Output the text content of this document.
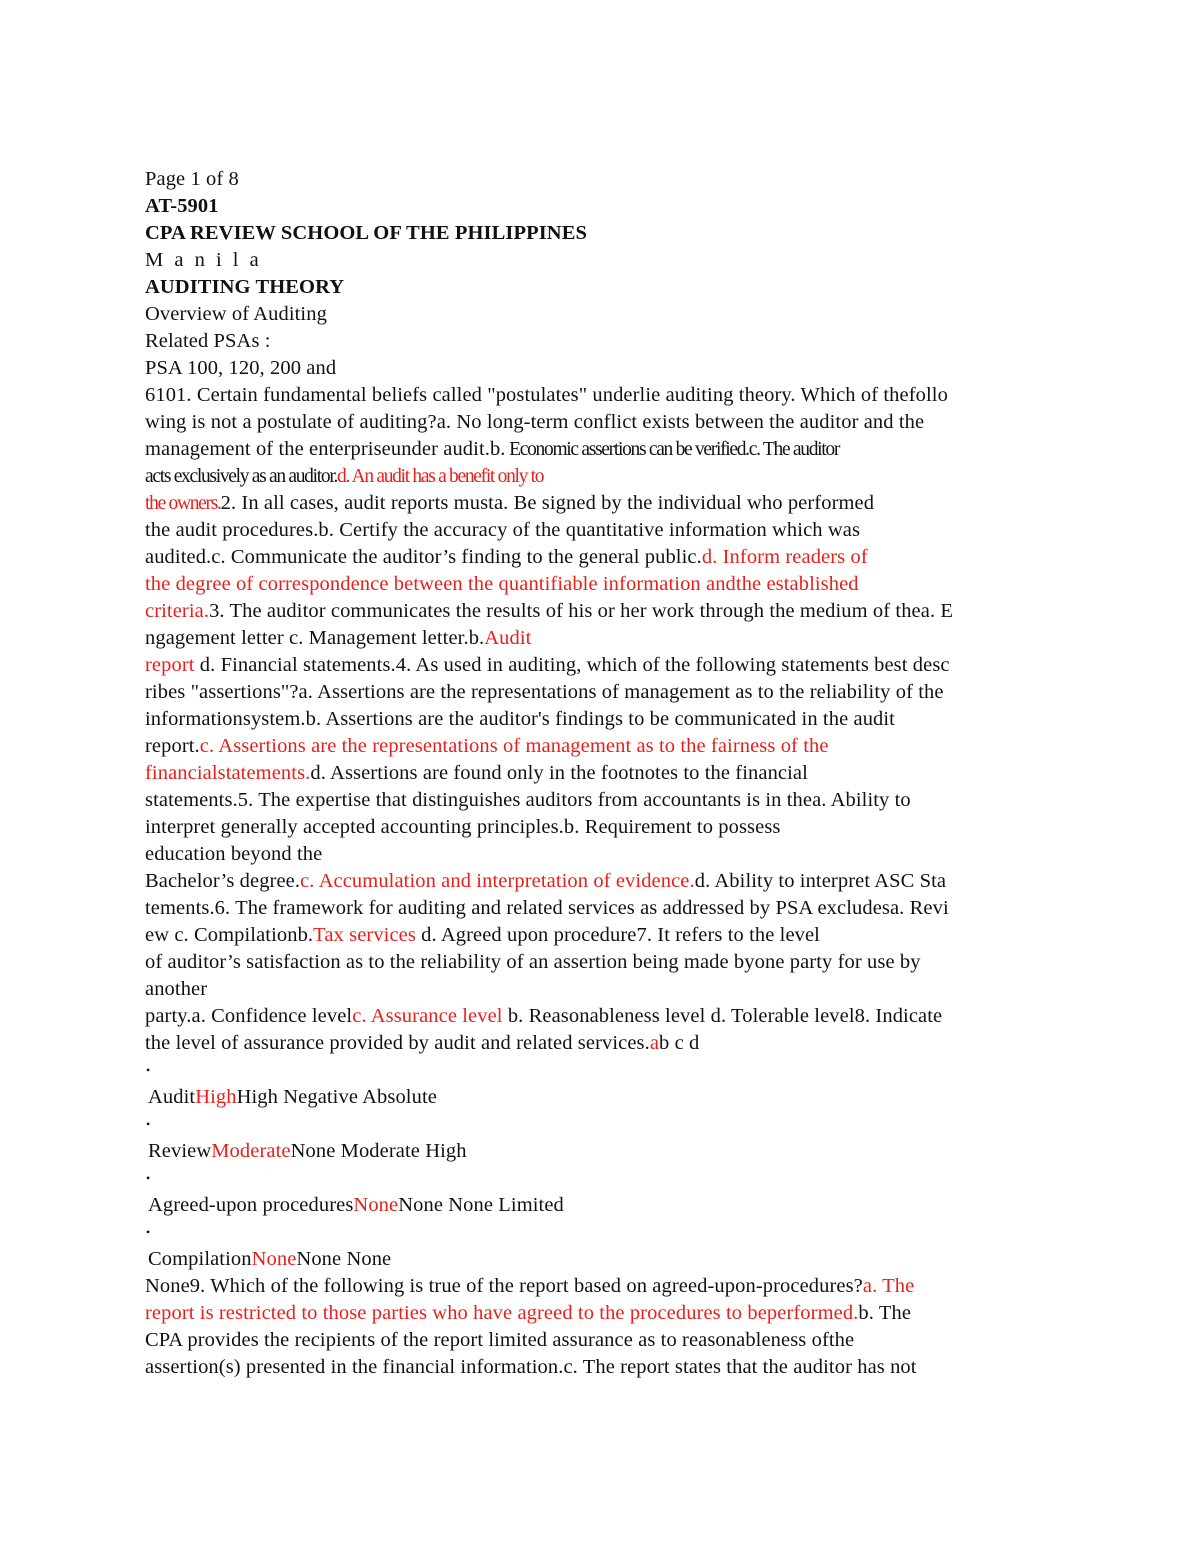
Page 1 of 8
AT-5901
CPA REVIEW SCHOOL OF THE PHILIPPINES
M a n i l a
AUDITING THEORY
Overview of Auditing
Related PSAs :
PSA 100, 120, 200 and
6101. Certain fundamental beliefs called "postulates" underlie auditing theory. Which of thefollo
wing is not a postulate of auditing?a. No long-term conflict exists between the auditor and the
management of the enterpriseunder audit.b. Economic assertions can be verified.c. The auditor
acts exclusively as an auditor.d. An audit has a benefit only to
the owners.2. In all cases, audit reports musta. Be signed by the individual who performed
the audit procedures.b. Certify the accuracy of the quantitative information which was
audited.c. Communicate the auditor’s finding to the general public.d. Inform readers of
the degree of correspondence between the quantifiable information andthe established
criteria.3. The auditor communicates the results of his or her work through the medium of thea. E
ngagement letter c. Management letter.b.Audit
report d. Financial statements.4. As used in auditing, which of the following statements best desc
ribes "assertions"?a. Assertions are the representations of management as to the reliability of the
informationsystem.b. Assertions are the auditor's findings to be communicated in the audit
report.c. Assertions are the representations of management as to the fairness of the
financialstatements.d. Assertions are found only in the footnotes to the financial
statements.5. The expertise that distinguishes auditors from accountants is in thea. Ability to
interpret generally accepted accounting principles.b. Requirement to possess
education beyond the
Bachelor’s degree.c. Accumulation and interpretation of evidence.d. Ability to interpret ASC Sta
tements.6. The framework for auditing and related services as addressed by PSA excludesa. Revi
ew c. Compilationb.Tax services d. Agreed upon procedure7. It refers to the level
of auditor’s satisfaction as to the reliability of an assertion being made byone party for use by
another
party.a. Confidence levelc. Assurance level b. Reasonableness level d. Tolerable level8. Indicate
the level of assurance provided by audit and related services.ab c d
•
AuditHighHigh Negative Absolute
•
ReviewModerateNone Moderate High
•
Agreed-upon proceduresNoneNone None Limited
•
CompilationNoneNone None
None9. Which of the following is true of the report based on agreed-upon-procedures?a. The
report is restricted to those parties who have agreed to the procedures to beperformed.b. The
CPA provides the recipients of the report limited assurance as to reasonableness ofthe
assertion(s) presented in the financial information.c. The report states that the auditor has not
